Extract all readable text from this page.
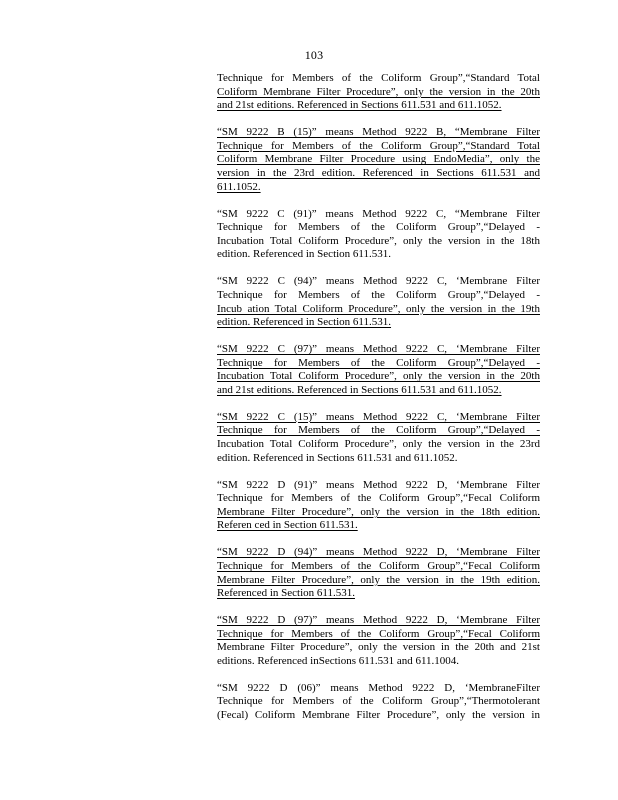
103
Technique for Members of the Coliform Group”,“Standard Total
Coliform Membrane Filter Procedure”, only the version in the 20th
and 21st editions. Referenced in Sections 611.531 and 611.1052.
“SM 9222 B (15)” means Method 9222 B, “Membrane Filter
Technique for Members of the Coliform Group”,“Standard Total
Coliform Membrane Filter Procedure using EndoMedia”, only the
version in the 23rd edition. Referenced in Sections 611.531 and
611.1052.
“SM 9222 C (91)” means Method 9222 C, “Membrane Filter
Technique for Members of the Coliform Group”,“Delayed -
Incubation Total Coliform Procedure”, only the version in the 18th
edition. Referenced in Section 611.531.
“SM 9222 C (94)” means Method 9222 C, ‘Membrane Filter
Technique for Members of the Coliform Group”,“Delayed -
Incub ation Total Coliform Procedure”, only the version in the 19th
edition. Referenced in Section 611.531.
“SM 9222 C (97)” means Method 9222 C, ‘Membrane Filter
Technique for Members of the Coliform Group”,“Delayed -
Incubation Total Coliform Procedure”, only the version in the 20th
and 21st editions. Referenced in Sections 611.531 and 611.1052.
“SM 9222 C (15)” means Method 9222 C, ‘Membrane Filter
Technique for Members of the Coliform Group”,“Delayed -
Incubation Total Coliform Procedure”, only the version in the 23rd
edition. Referenced in Sections 611.531 and 611.1052.
“SM 9222 D (91)” means Method 9222 D, ‘Membrane Filter
Technique for Members of the Coliform Group”,“Fecal Coliform
Membrane Filter Procedure”, only the version in the 18th edition.
Referen ced in Section 611.531.
“SM 9222 D (94)” means Method 9222 D, ‘Membrane Filter
Technique for Members of the Coliform Group”,“Fecal Coliform
Membrane Filter Procedure”, only the version in the 19th edition.
Referenced in Section 611.531.
“SM 9222 D (97)” means Method 9222 D, ‘Membrane Filter
Technique for Members of the Coliform Group”,“Fecal Coliform
Membrane Filter Procedure”, only the version in the 20th and 21st
editions. Referenced inSections 611.531 and 611.1004.
“SM 9222 D (06)” means Method 9222 D, ‘MembraneFilter
Technique for Members of the Coliform Group”,“Thermotolerant
(Fecal) Coliform Membrane Filter Procedure”, only the version in
